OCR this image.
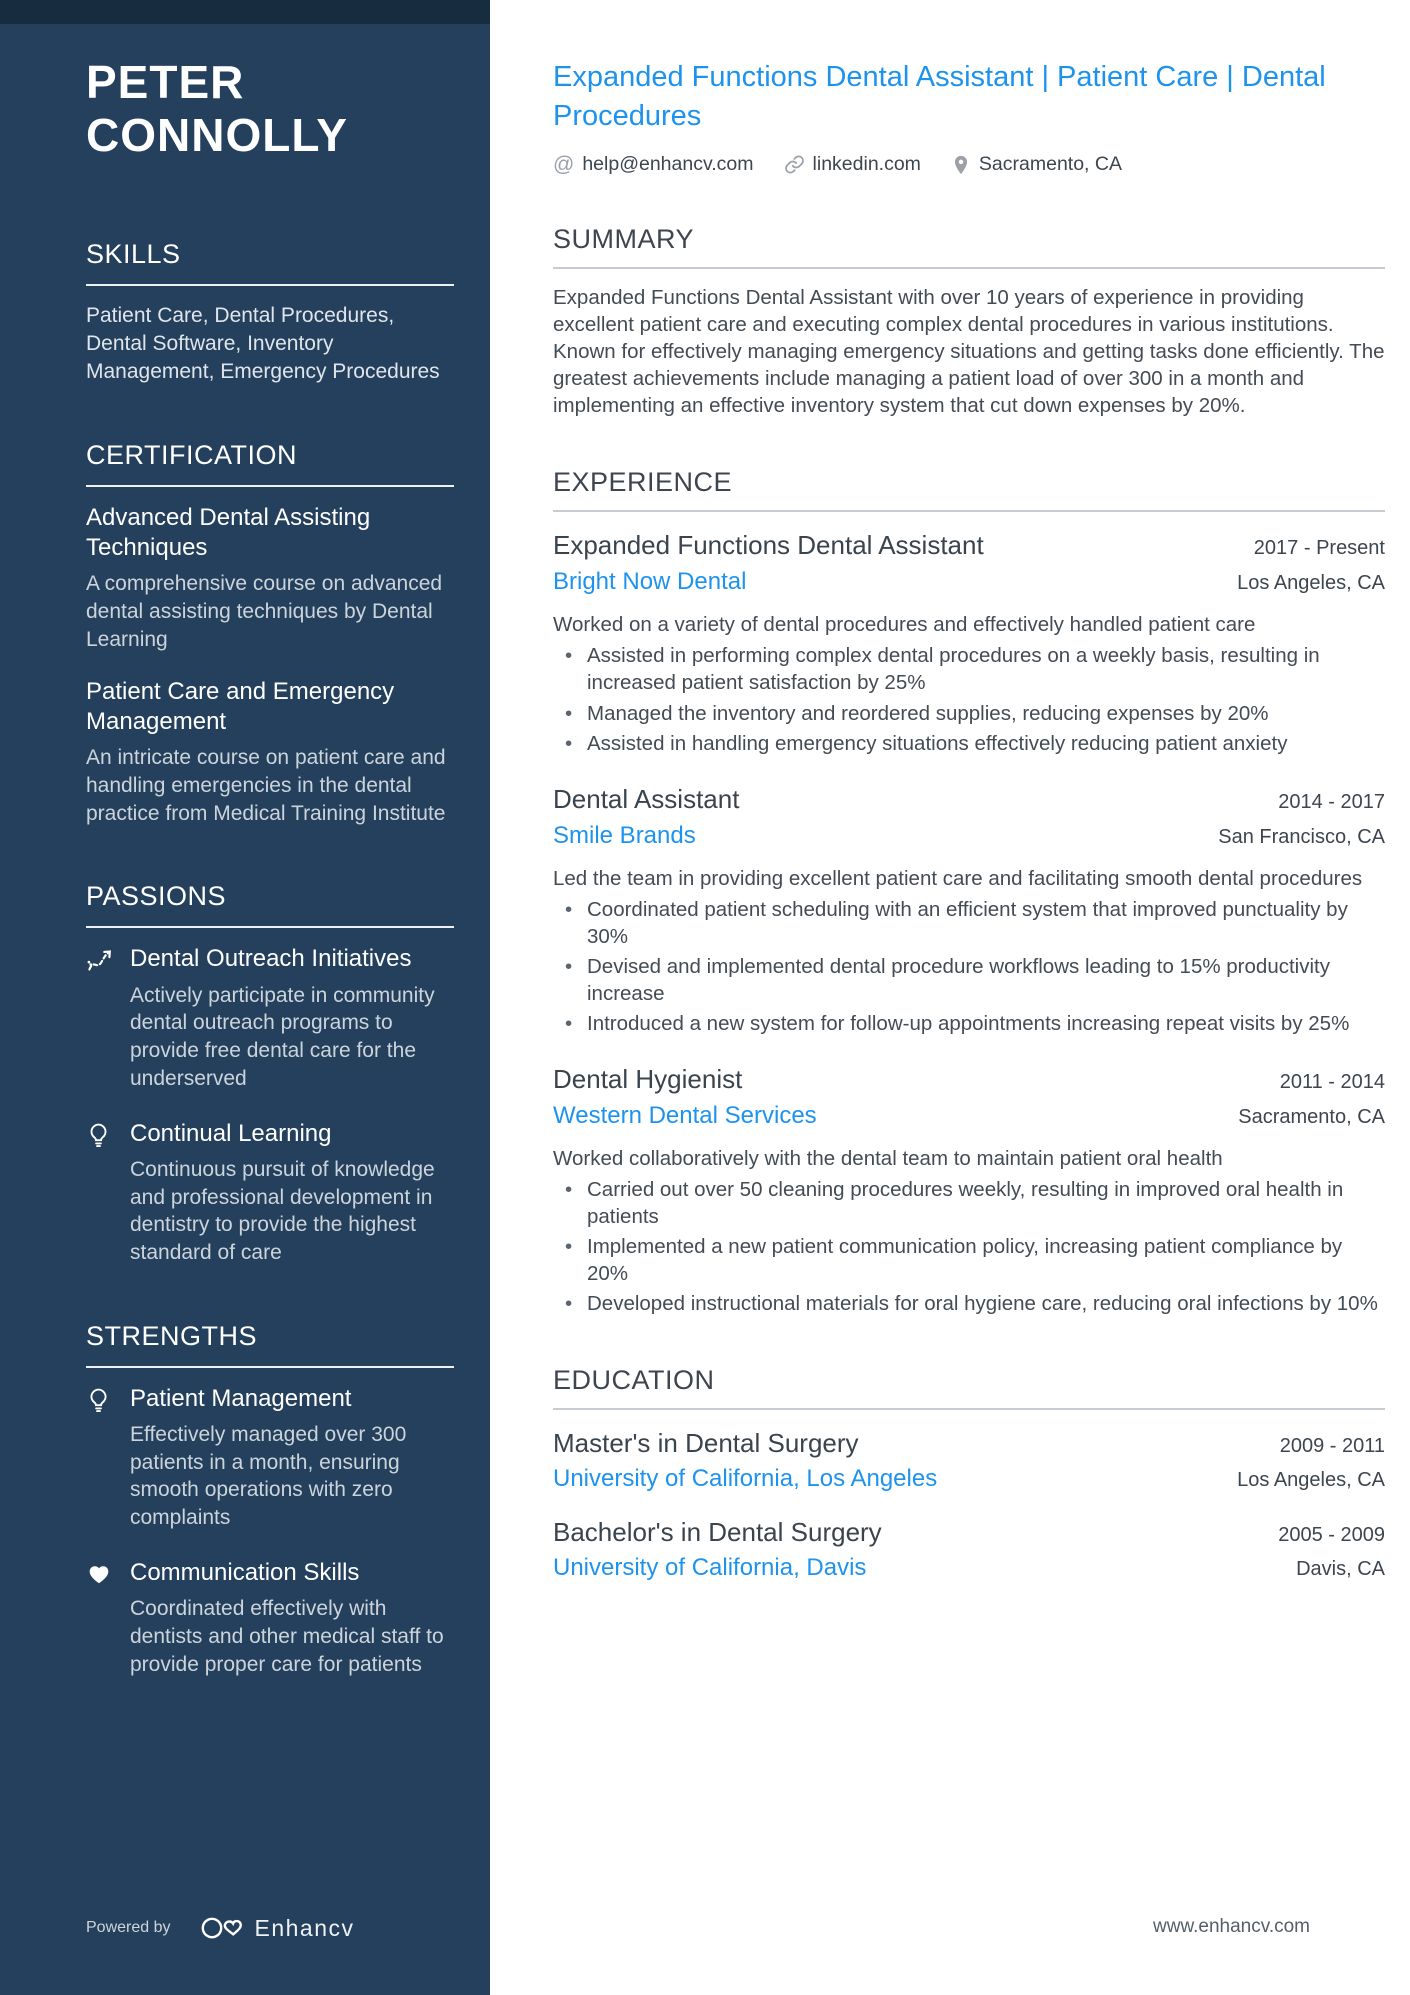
PETER CONNOLLY
SKILLS

Patient Care, Dental Procedures, Dental Software, Inventory Management, Emergency Procedures

CERTIFICATION
Advanced Dental Assisting Techniques
A comprehensive course on advanced dental assisting techniques by Dental Learning
Patient Care and Emergency Management
An intricate course on patient care and handling emergencies in the dental practice from Medical Training Institute
PASSIONS
Dental Outreach Initiatives
Actively participate in community dental outreach programs to provide free dental care for the underserved
Continual Learning
Continuous pursuit of knowledge and professional development in dentistry to provide the highest standard of care
STRENGTHS
Patient Management
Effectively managed over 300 patients in a month, ensuring smooth operations with zero complaints
Communication Skills
Coordinated effectively with dentists and other medical staff to provide proper care for patients
Powered by	Enhancv
Expanded Functions Dental Assistant | Patient Care | Dental Procedures
@ help@enhancv.com	linkedin.com	Sacramento, CA
SUMMARY

Expanded Functions Dental Assistant with over 10 years of experience in providing excellent patient care and executing complex dental procedures in various institutions. Known for effectively managing emergency situations and getting tasks done efficiently. The greatest achievements include managing a patient load of over 300 in a month and implementing an effective inventory system that cut down expenses by 20%.

EXPERIENCE
Expanded Functions Dental Assistant	2017 - Present
Bright Now Dental	Los Angeles, CA

Worked on a variety of dental procedures and effectively handled patient care

• Assisted in performing complex dental procedures on a weekly basis, resulting in increased patient satisfaction by 25%
• Managed the inventory and reordered supplies, reducing expenses by 20%
• Assisted in handling emergency situations effectively reducing patient anxiety
Dental Assistant	2014 - 2017
Smile Brands	San Francisco, CA

Led the team in providing excellent patient care and facilitating smooth dental procedures

• Coordinated patient scheduling with an efficient system that improved punctuality by 30%
• Devised and implemented dental procedure workflows leading to 15% productivity increase
• Introduced a new system for follow-up appointments increasing repeat visits by 25%
Dental Hygienist	2011 - 2014
Western Dental Services	Sacramento, CA

Worked collaboratively with the dental team to maintain patient oral health

• Carried out over 50 cleaning procedures weekly, resulting in improved oral health in patients
• Implemented a new patient communication policy, increasing patient compliance by 20%
• Developed instructional materials for oral hygiene care, reducing oral infections by 10%
EDUCATION
Master's in Dental Surgery	2009 - 2011
University of California, Los Angeles	Los Angeles, CA
Bachelor's in Dental Surgery	2005 - 2009
University of California, Davis	Davis, CA
www.enhancv.com
